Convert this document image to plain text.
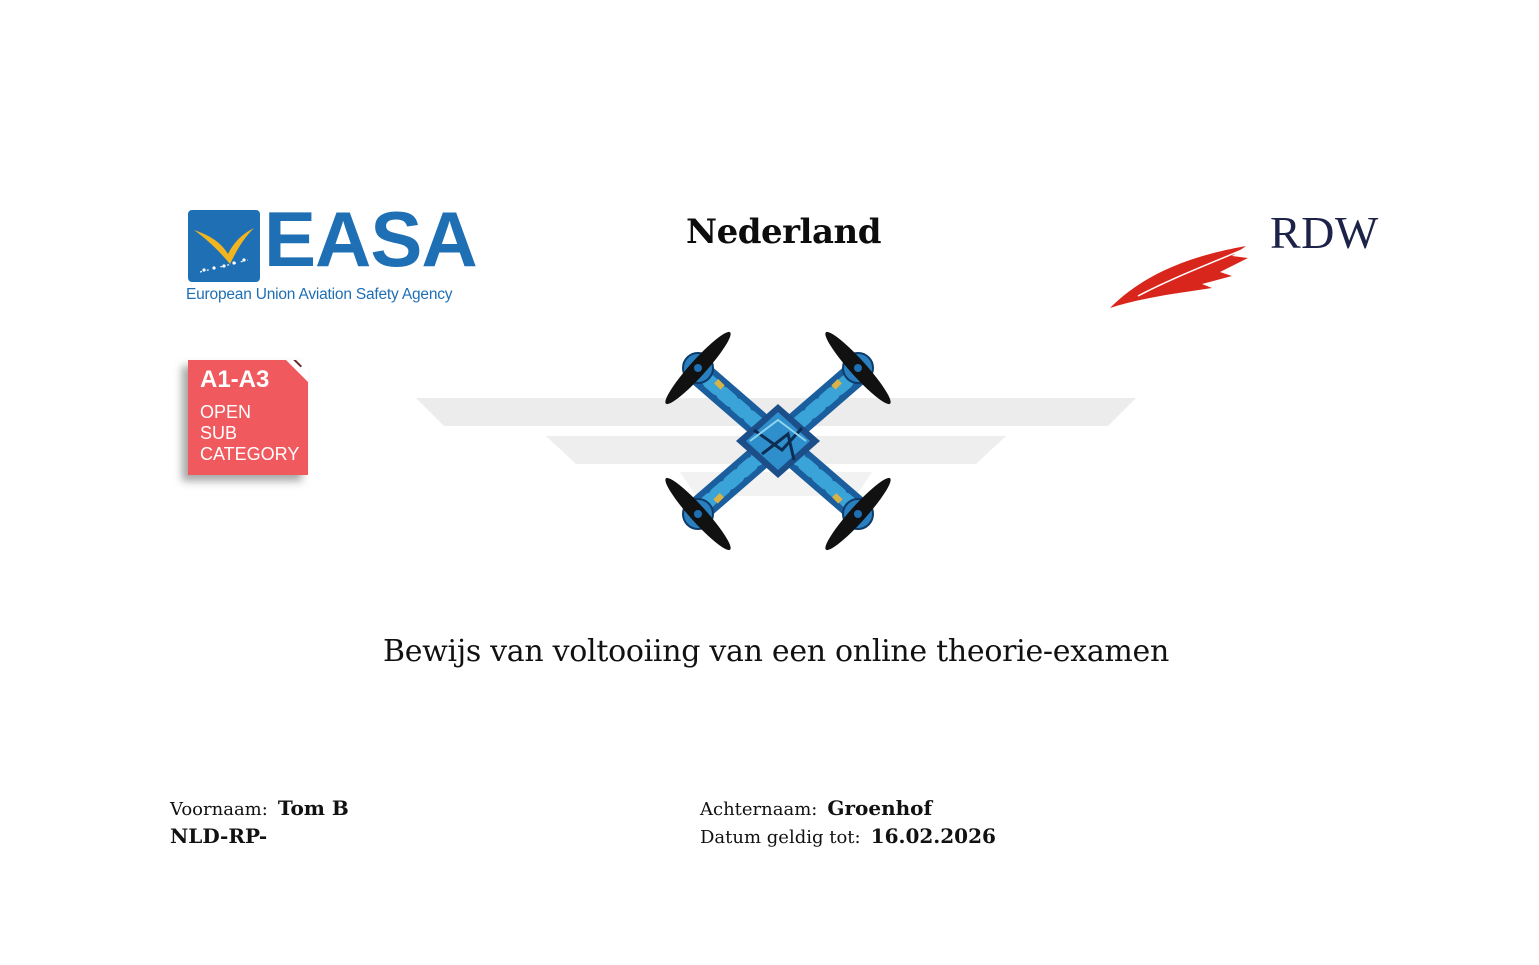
EASA
European Union Aviation Safety Agency
Nederland	RDW
A1-A3
OPEN
SUB
CATEGORY
Bewijs van voltooiing van een online theorie-examen
Voornaam: Tom B
NLD-RP-
Achternaam: Groenhof
Datum geldig tot: 16.02.2026
